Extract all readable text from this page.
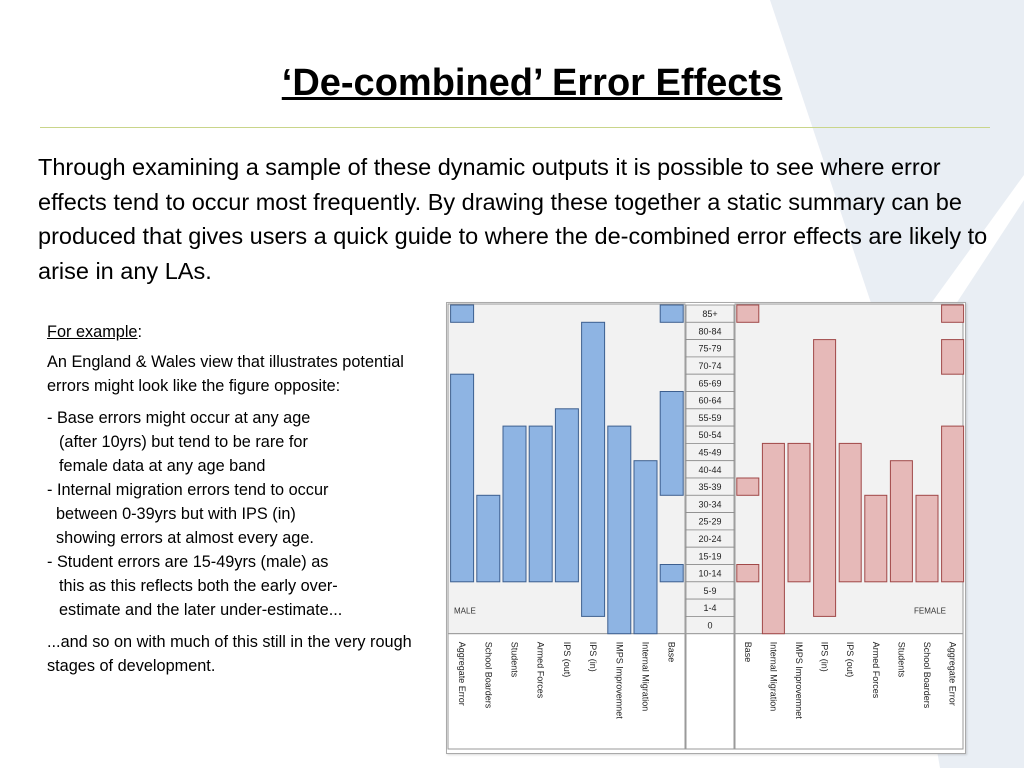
‘De-combined’ Error Effects

Through examining a sample of these dynamic outputs it is possible to see where error effects tend to occur most frequently. By drawing these together a static summary can be produced that gives users a quick guide to where the de-combined error effects are likely to arise in any LAs.

For example:

An England & Wales view that illustrates potential errors might look like the figure opposite:

- Base errors might occur at any age

(after 10yrs) but tend to be rare for

female data at any age band

- Internal migration errors tend to occur

between 0-39yrs but with IPS (in)

showing errors at almost every age.

- Student errors are 15-49yrs (male) as

this as this reflects both the early over-

estimate and the later under-estimate...

...and so on with much of this still in the very rough stages of development.

85+
80-84
75-79
70-74
65-69
60-64
55-59
50-54
45-49
40-44
35-39
30-34
25-29
20-24
15-19
10-14
5-9
1-4
0
Aggregate Error School Boarders Students Armed Forces IPS (out) IPS (in) IMPS Improvemnet Internal Migration Base	Base Internal Migration IMPS Improvemnet IPS (in) IPS (out) Armed Forces Students School Boarders Aggregate Error
MALE	FEMALE
